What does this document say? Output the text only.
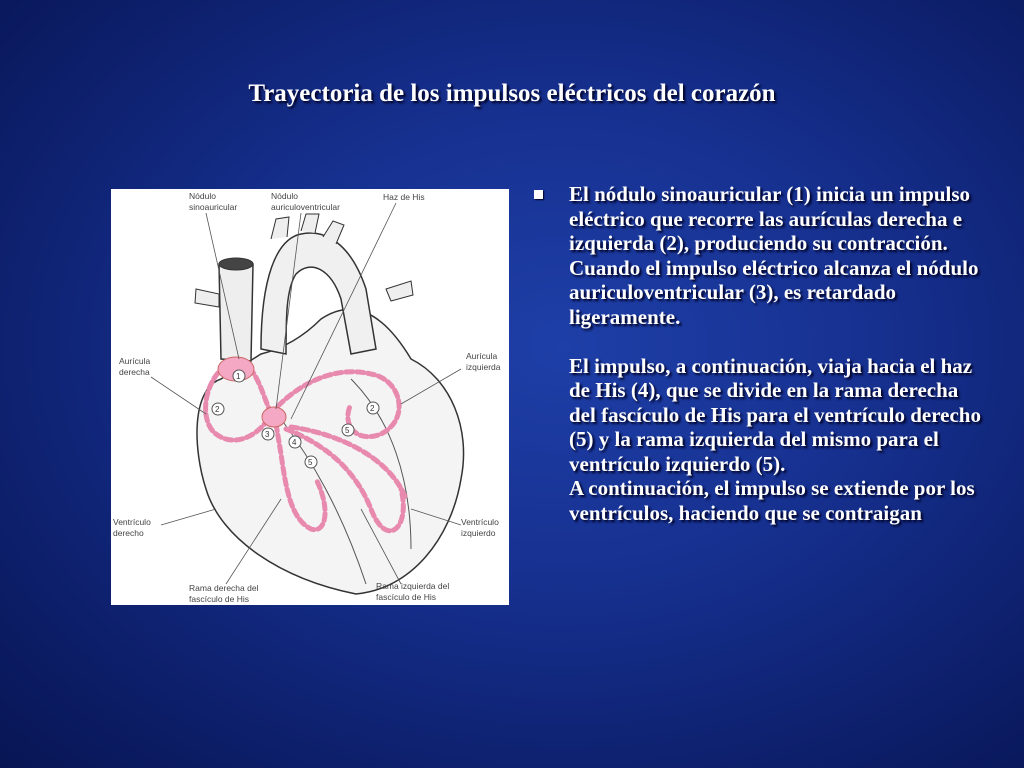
Trayectoria de los impulsos eléctricos del corazón
1
2	2
3
4
5
5
Nódulo
sinoauricular
Nódulo
auriculoventricular
Haz de His
Aurícula
derecha
Aurícula
izquierda
Ventrículo
derecho
Ventrículo
izquierdo
Rama derecha del
fascículo de His
Rama izquierda del
fascículo de His

El nódulo sinoauricular (1) inicia un impulso eléctrico que recorre las aurículas derecha e izquierda (2), produciendo su contracción. Cuando el impulso eléctrico alcanza el nódulo auriculoventricular (3), es retardado ligeramente.

El impulso, a continuación, viaja hacia el haz de His (4), que se divide en la rama derecha del fascículo de His para el ventrículo derecho (5) y la rama izquierda del mismo para el ventrículo izquierdo (5).

A continuación, el impulso se extiende por los ventrículos, haciendo que se contraigan
